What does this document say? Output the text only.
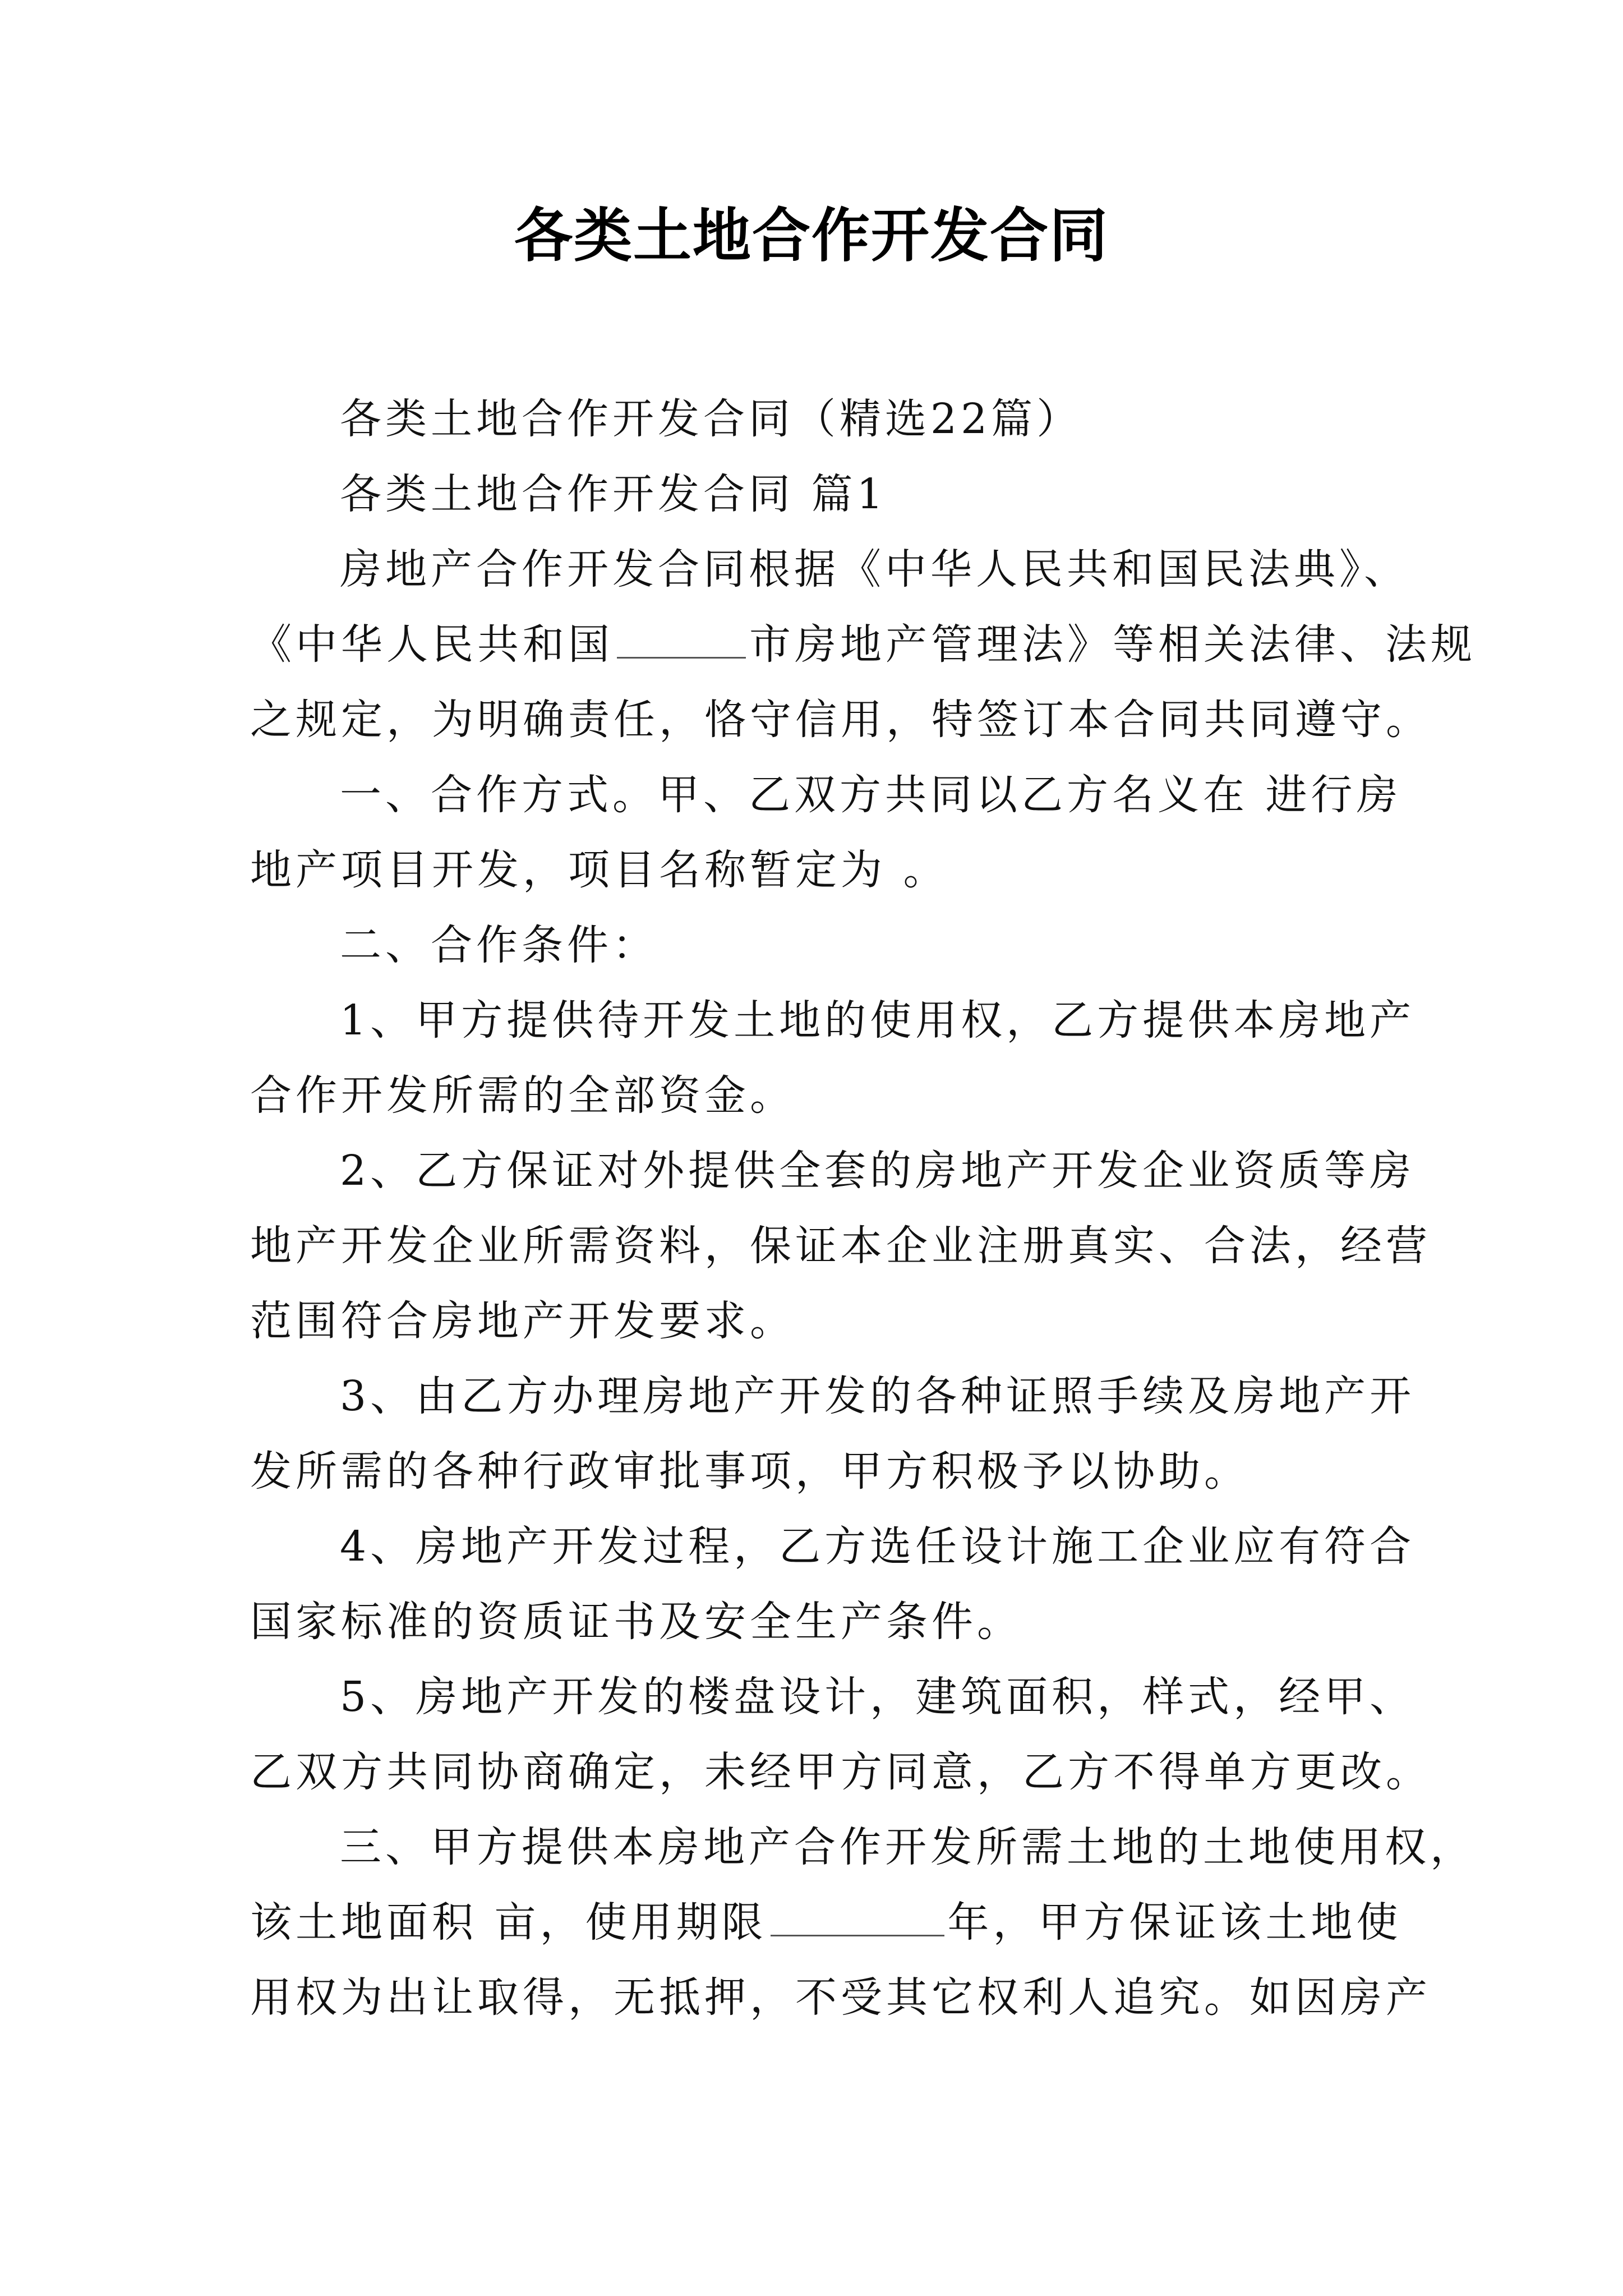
各类土地合作开发合同

各类土地合作开发合同（精选22篇）

各类土地合作开发合同 篇1

房地产合作开发合同根据《中华人民共和国民法典》、

《中华人民共和国	市房地产管理法》等相关法律、法规

之规定，为明确责任，恪守信用，特签订本合同共同遵守。

一、合作方式。甲、乙双方共同以乙方名义在 进行房

地产项目开发，项目名称暂定为 。

二、合作条件：

1、甲方提供待开发土地的使用权，乙方提供本房地产

合作开发所需的全部资金。

2、乙方保证对外提供全套的房地产开发企业资质等房

地产开发企业所需资料，保证本企业注册真实、合法，经营

范围符合房地产开发要求。

3、由乙方办理房地产开发的各种证照手续及房地产开

发所需的各种行政审批事项，甲方积极予以协助。

4、房地产开发过程，乙方选任设计施工企业应有符合

国家标准的资质证书及安全生产条件。

5、房地产开发的楼盘设计，建筑面积，样式，经甲、

乙双方共同协商确定，未经甲方同意，乙方不得单方更改。

三、甲方提供本房地产合作开发所需土地的土地使用权，

该土地面积 亩，使用期限	年，甲方保证该土地使

用权为出让取得，无抵押，不受其它权利人追究。如因房产
